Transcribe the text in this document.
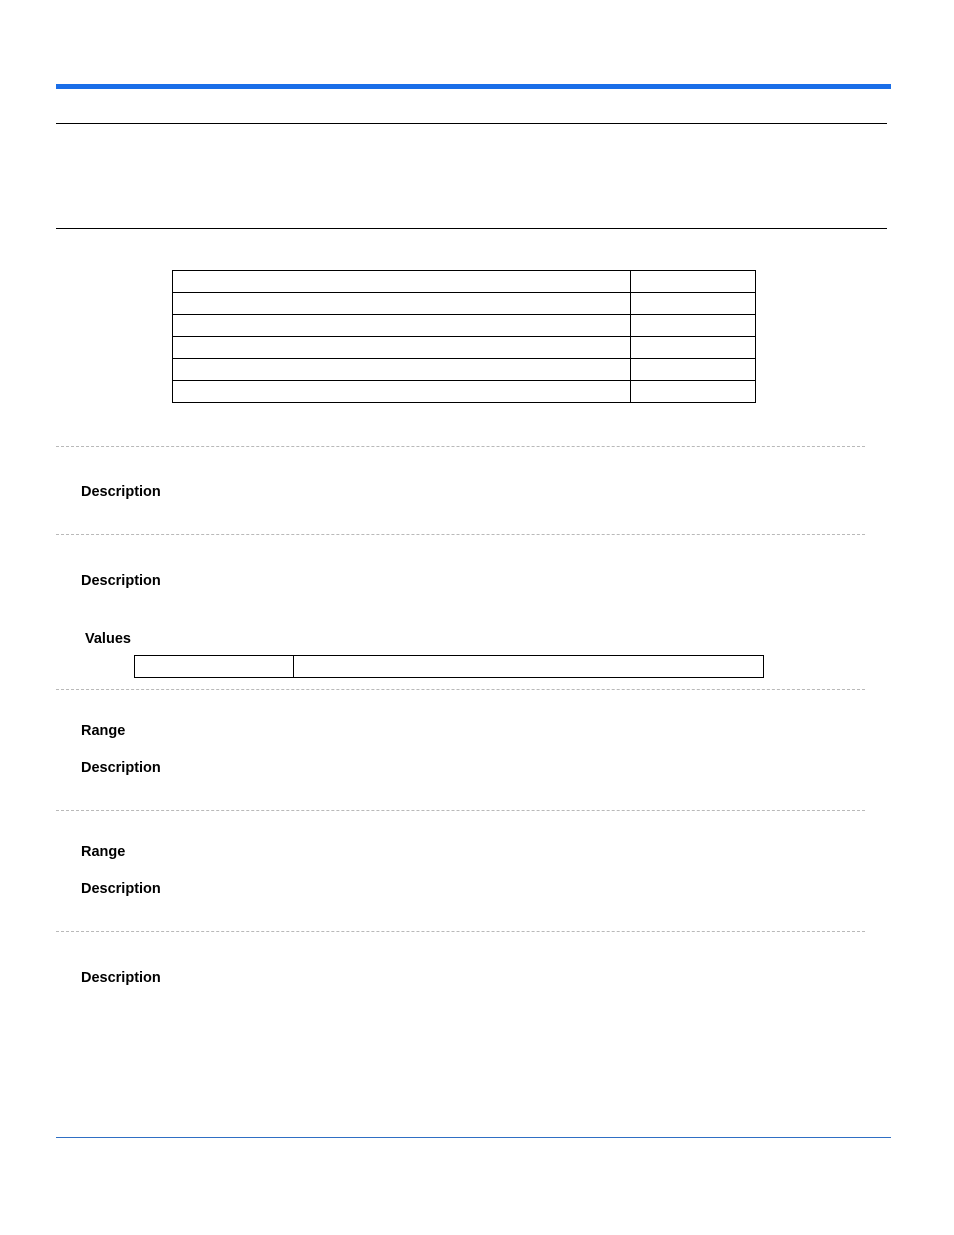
Description
Description
Values

Range
Description
Range
Description
Description
